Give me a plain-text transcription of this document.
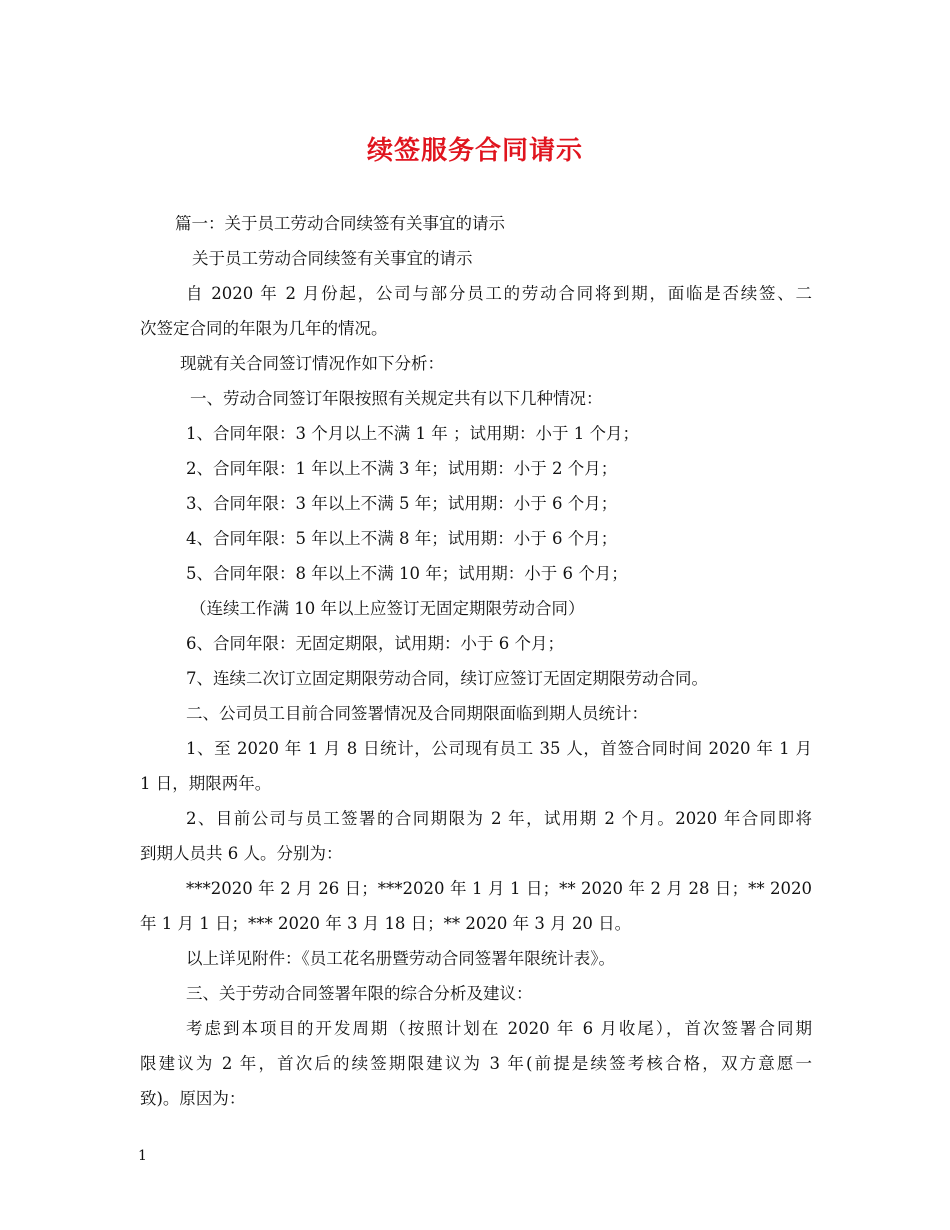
续签服务合同请示
篇一：关于员工劳动合同续签有关事宜的请示
关于员工劳动合同续签有关事宜的请示
自 2020 年 2 月份起，公司与部分员工的劳动合同将到期，面临是否续签、二
次签定合同的年限为几年的情况。
现就有关合同签订情况作如下分析：
一、劳动合同签订年限按照有关规定共有以下几种情况：
1、合同年限：3 个月以上不满 1 年 ；试用期：小于 1 个月；
2、合同年限：1 年以上不满 3 年；试用期：小于 2 个月；
3、合同年限：3 年以上不满 5 年；试用期：小于 6 个月；
4、合同年限：5 年以上不满 8 年；试用期：小于 6 个月；
5、合同年限：8 年以上不满 10 年；试用期：小于 6 个月；
（连续工作满 10 年以上应签订无固定期限劳动合同）
6、合同年限：无固定期限，试用期：小于 6 个月；
7、连续二次订立固定期限劳动合同，续订应签订无固定期限劳动合同。
二、公司员工目前合同签署情况及合同期限面临到期人员统计：
1、至 2020 年 1 月 8 日统计，公司现有员工 35 人，首签合同时间 2020 年 1 月
1 日，期限两年。
2、目前公司与员工签署的合同期限为 2 年，试用期 2 个月。2020 年合同即将
到期人员共 6 人。分别为：
***2020 年 2 月 26 日；***2020 年 1 月 1 日；** 2020 年 2 月 28 日；** 2020
年 1 月 1 日；*** 2020 年 3 月 18 日；** 2020 年 3 月 20 日。
以上详见附件：《员工花名册暨劳动合同签署年限统计表》。
三、关于劳动合同签署年限的综合分析及建议：
考虑到本项目的开发周期（按照计划在 2020 年 6 月收尾），首次签署合同期
限建议为 2 年，首次后的续签期限建议为 3 年(前提是续签考核合格，双方意愿一
致)。原因为：
1
